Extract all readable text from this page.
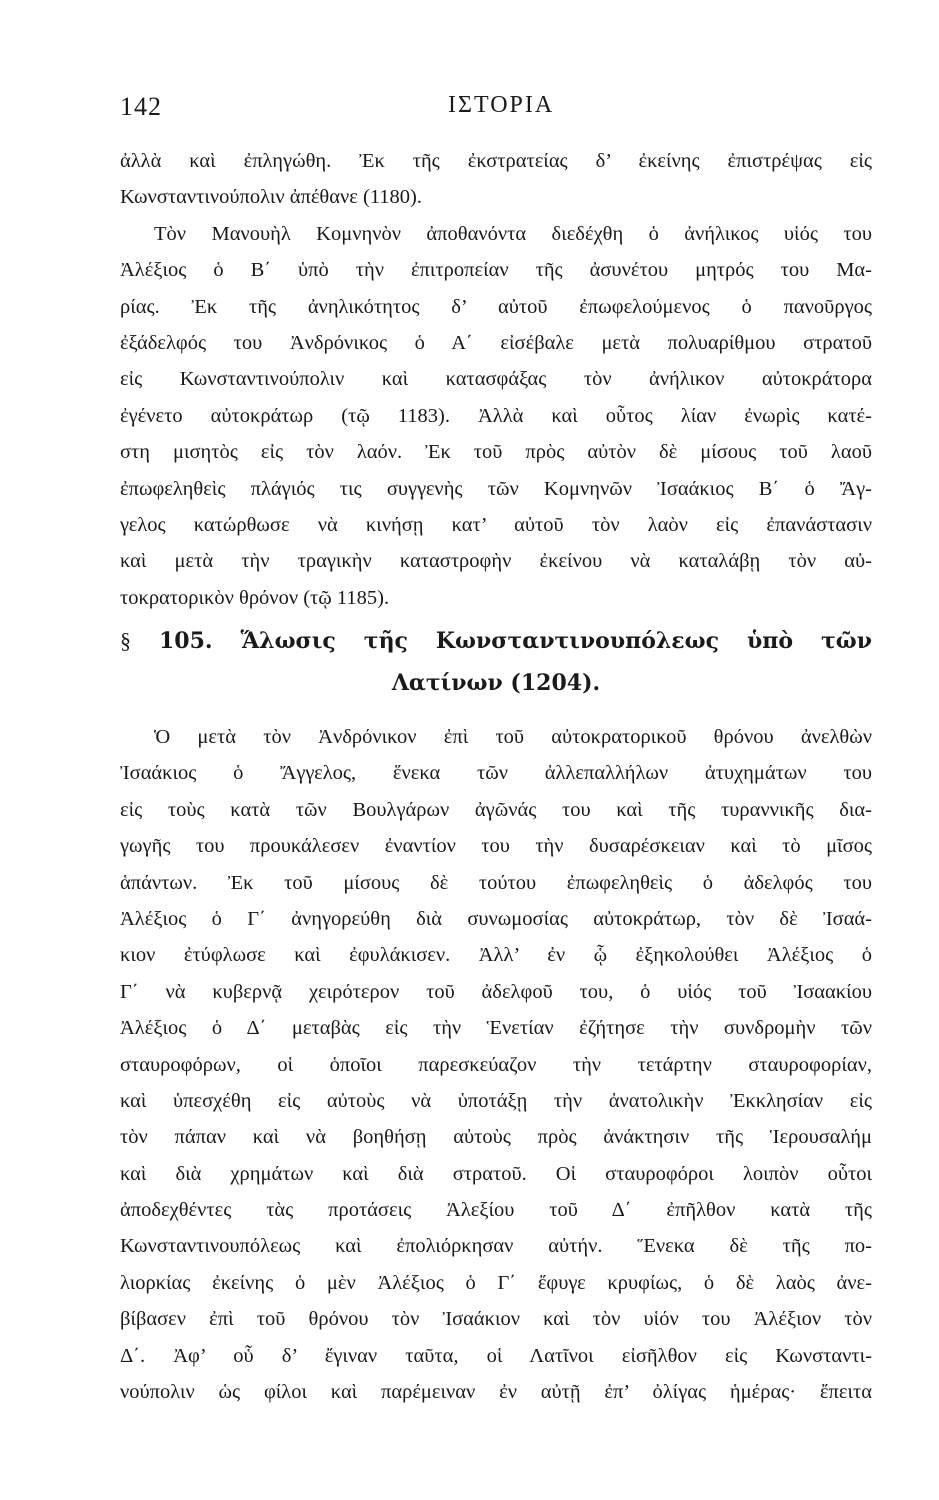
142	ΙΣΤΟΡΙΑ
ἀλλὰ καὶ ἐπληγώθη. Ἐκ τῆς ἐκστρατείας δ’ ἐκείνης ἐπιστρέψας εἰς
Κωνσταντινούπολιν ἀπέθανε (1180).
Τὸν Μανουὴλ Κομνηνὸν ἀποθανόντα διεδέχθη ὁ ἀνήλικος υἱός του
Ἀλέξιος ὁ Β΄ ὑπὸ τὴν ἐπιτροπείαν τῆς ἀσυνέτου μητρός του Μα-
ρίας. Ἐκ τῆς ἀνηλικότητος δ’ αὐτοῦ ἐπωφελούμενος ὁ πανοῦργος
ἐξάδελφός του Ἀνδρόνικος ὁ Α΄ εἰσέβαλε μετὰ πολυαρίθμου στρατοῦ
εἰς Κωνσταντινούπολιν καὶ κατασφάξας τὸν ἀνήλικον αὐτοκράτορα
ἐγένετο αὐτοκράτωρ (τῷ 1183). Ἀλλὰ καὶ οὗτος λίαν ἐνωρὶς κατέ-
στη μισητὸς εἰς τὸν λαόν. Ἐκ τοῦ πρὸς αὐτὸν δὲ μίσους τοῦ λαοῦ
ἐπωφεληθεὶς πλάγιός τις συγγενὴς τῶν Κομνηνῶν Ἰσαάκιος Β΄ ὁ Ἄγ-
γελος κατώρθωσε νὰ κινήσῃ κατ’ αὐτοῦ τὸν λαὸν εἰς ἐπανάστασιν
καὶ μετὰ τὴν τραγικὴν καταστροφὴν ἐκείνου νὰ καταλάβῃ τὸν αὐ-
τοκρατορικὸν θρόνον (τῷ 1185).
§ 105. Ἅλωσις τῆς Κωνσταντινουπόλεως ὑπὸ τῶν
Λατίνων (1204).
Ὁ μετὰ τὸν Ἀνδρόνικον ἐπὶ τοῦ αὐτοκρατορικοῦ θρόνου ἀνελθὼν
Ἰσαάκιος ὁ Ἄγγελος, ἕνεκα τῶν ἀλλεπαλλήλων ἀτυχημάτων του
εἰς τοὺς κατὰ τῶν Βουλγάρων ἀγῶνάς του καὶ τῆς τυραννικῆς δια-
γωγῆς του προυκάλεσεν ἐναντίον του τὴν δυσαρέσκειαν καὶ τὸ μῖσος
ἁπάντων. Ἐκ τοῦ μίσους δὲ τούτου ἐπωφεληθεὶς ὁ ἀδελφός του
Ἀλέξιος ὁ Γ΄ ἀνηγορεύθη διὰ συνωμοσίας αὐτοκράτωρ, τὸν δὲ Ἰσαά-
κιον ἐτύφλωσε καὶ ἐφυλάκισεν. Ἀλλ’ ἐν ᾧ ἐξηκολούθει Ἀλέξιος ὁ
Γ΄ νὰ κυβερνᾷ χειρότερον τοῦ ἀδελφοῦ του, ὁ υἱός τοῦ Ἰσαακίου
Ἀλέξιος ὁ Δ΄ μεταβὰς εἰς τὴν Ἑνετίαν ἐζήτησε τὴν συνδρομὴν τῶν
σταυροφόρων, οἱ ὁποῖοι παρεσκεύαζον τὴν τετάρτην σταυροφορίαν,
καὶ ὑπεσχέθη εἰς αὐτοὺς νὰ ὑποτάξῃ τὴν ἀνατολικὴν Ἐκκλησίαν εἰς
τὸν πάπαν καὶ νὰ βοηθήσῃ αὐτοὺς πρὸς ἀνάκτησιν τῆς Ἱερουσαλήμ
καὶ διὰ χρημάτων καὶ διὰ στρατοῦ. Οἱ σταυροφόροι λοιπὸν οὗτοι
ἀποδεχθέντες τὰς προτάσεις Ἀλεξίου τοῦ Δ΄ ἐπῆλθον κατὰ τῆς
Κωνσταντινουπόλεως καὶ ἐπολιόρκησαν αὐτήν. Ἕνεκα δὲ τῆς πο-
λιορκίας ἐκείνης ὁ μὲν Ἀλέξιος ὁ Γ΄ ἔφυγε κρυφίως, ὁ δὲ λαὸς ἀνε-
βίβασεν ἐπὶ τοῦ θρόνου τὸν Ἰσαάκιον καὶ τὸν υἱόν του Ἀλέξιον τὸν
Δ΄. Ἀφ’ οὗ δ’ ἔγιναν ταῦτα, οἱ Λατῖνοι εἰσῆλθον εἰς Κωνσταντι-
νούπολιν ὡς φίλοι καὶ παρέμειναν ἐν αὐτῇ ἐπ’ ὀλίγας ἡμέρας· ἔπειτα
